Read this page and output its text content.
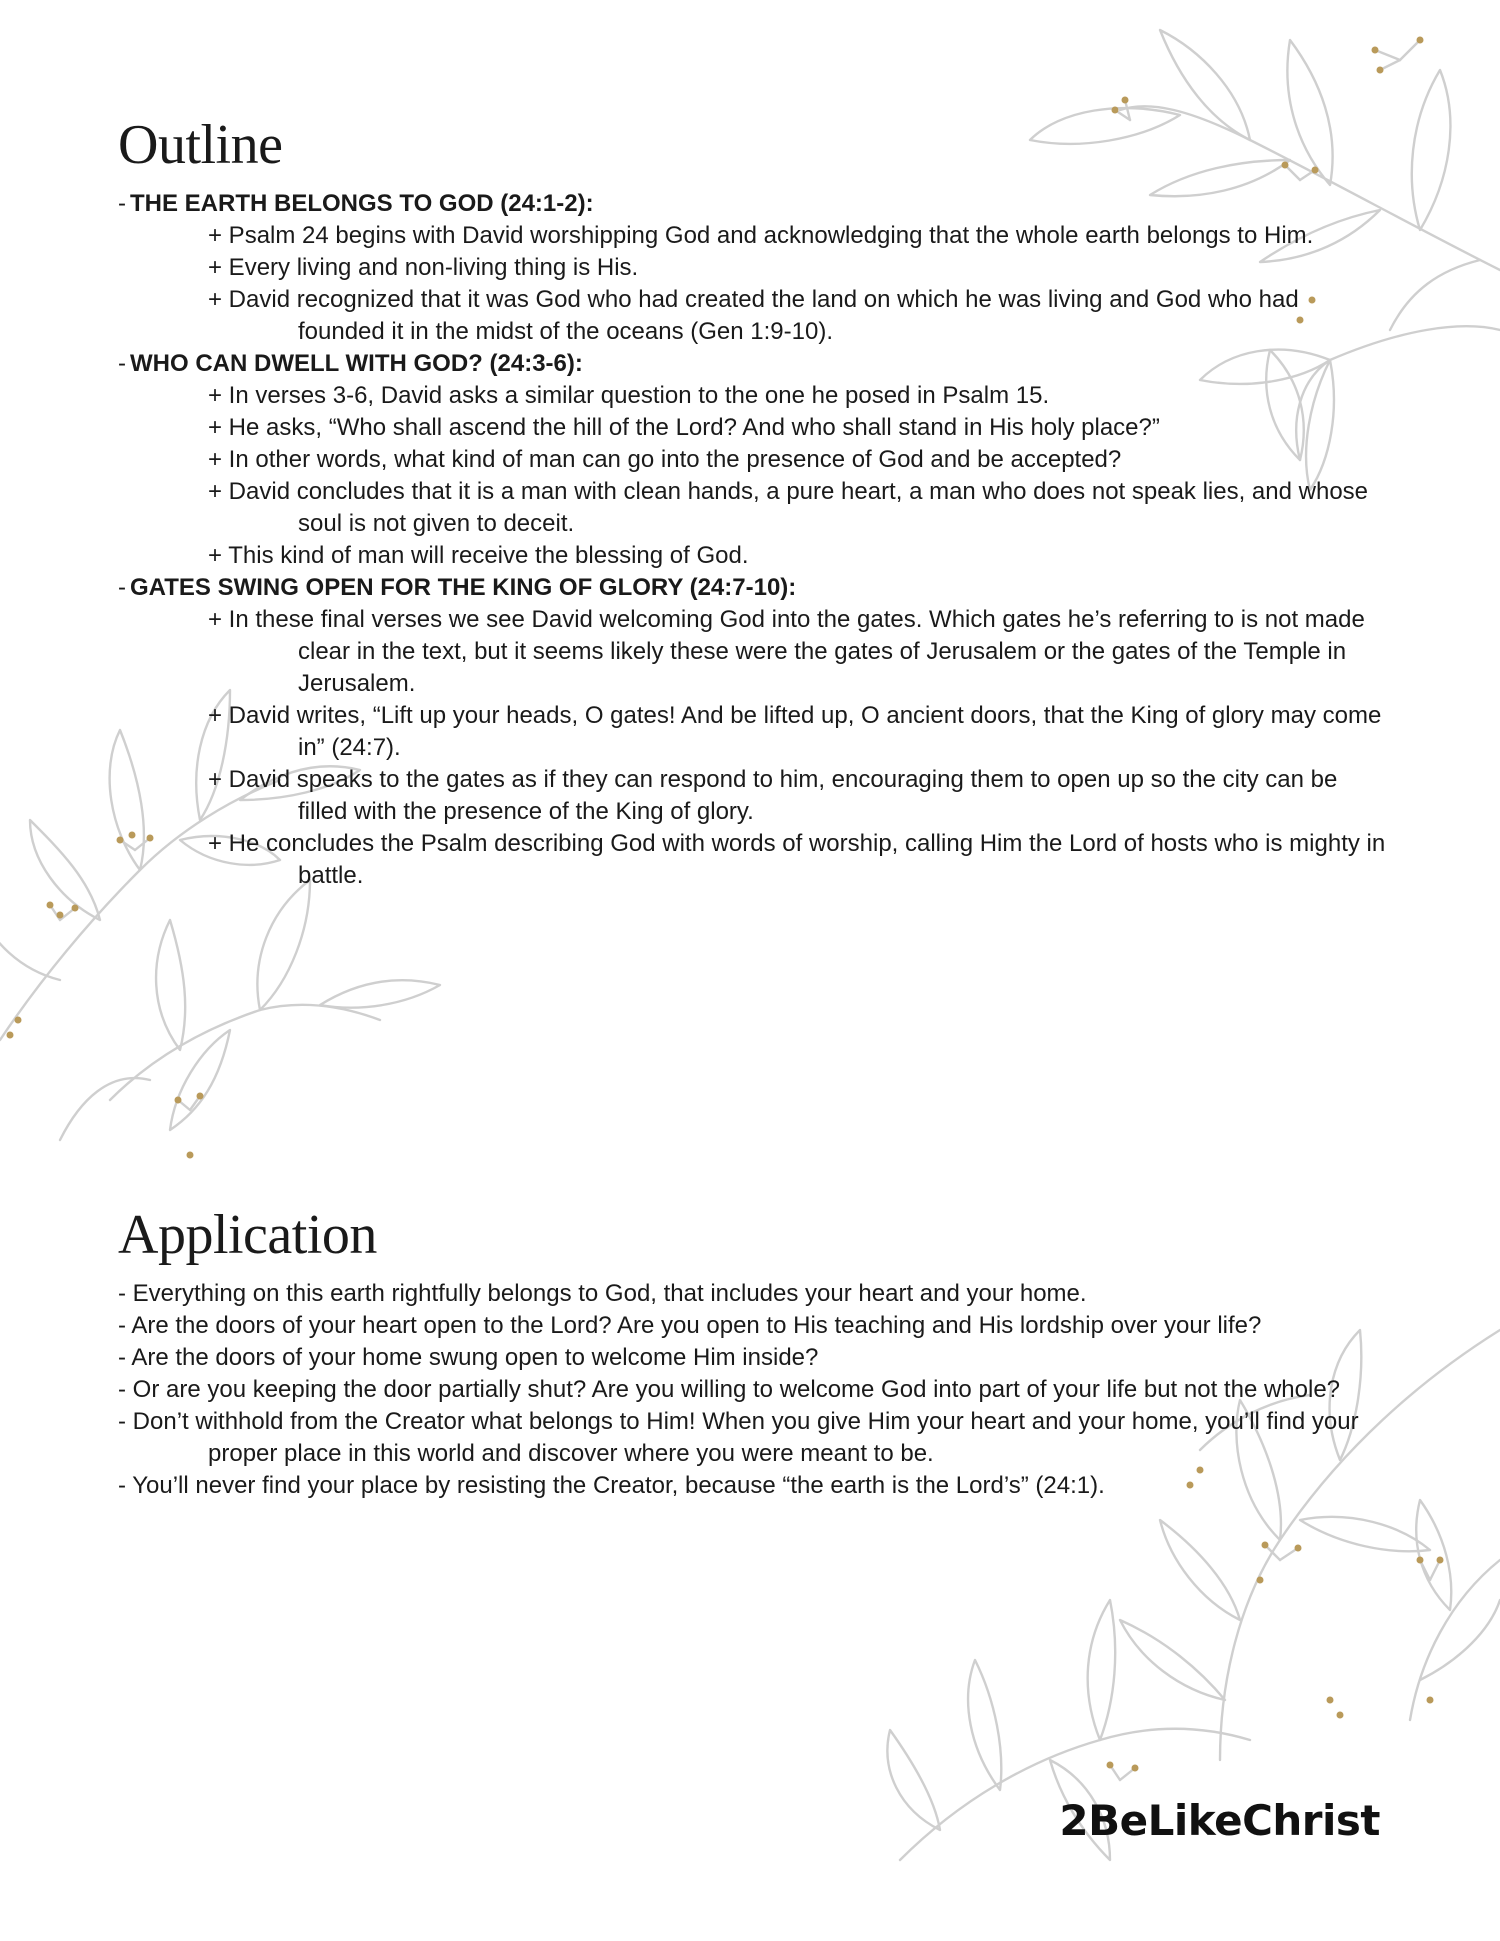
Outline

- THE EARTH BELONGS TO GOD (24:1-2):

+ Psalm 24 begins with David worshipping God and acknowledging that the whole earth belongs to Him.

+ Every living and non-living thing is His.

+ David recognized that it was God who had created the land on which he was living and God who had founded it in the midst of the oceans (Gen 1:9-10).

- WHO CAN DWELL WITH GOD? (24:3-6):

+ In verses 3-6, David asks a similar question to the one he posed in Psalm 15.

+ He asks, “Who shall ascend the hill of the Lord? And who shall stand in His holy place?”

+ In other words, what kind of man can go into the presence of God and be accepted?

+ David concludes that it is a man with clean hands, a pure heart, a man who does not speak lies, and whose soul is not given to deceit.

+ This kind of man will receive the blessing of God.

- GATES SWING OPEN FOR THE KING OF GLORY (24:7-10):

+ In these final verses we see David welcoming God into the gates. Which gates he’s referring to is not made clear in the text, but it seems likely these were the gates of Jerusalem or the gates of the Temple in Jerusalem.

+ David writes, “Lift up your heads, O gates! And be lifted up, O ancient doors, that the King of glory may come in” (24:7).

+ David speaks to the gates as if they can respond to him, encouraging them to open up so the city can be filled with the presence of the King of glory.

+ He concludes the Psalm describing God with words of worship, calling Him the Lord of hosts who is mighty in battle.

Application

- Everything on this earth rightfully belongs to God, that includes your heart and your home.

- Are the doors of your heart open to the Lord? Are you open to His teaching and His lordship over your life?

- Are the doors of your home swung open to welcome Him inside?

- Or are you keeping the door partially shut? Are you willing to welcome God into part of your life but not the whole?

- Don’t withhold from the Creator what belongs to Him! When you give Him your heart and your home, you’ll find your proper place in this world and discover where you were meant to be.

- You’ll never find your place by resisting the Creator, because “the earth is the Lord’s” (24:1).

2BeLikeChrist
